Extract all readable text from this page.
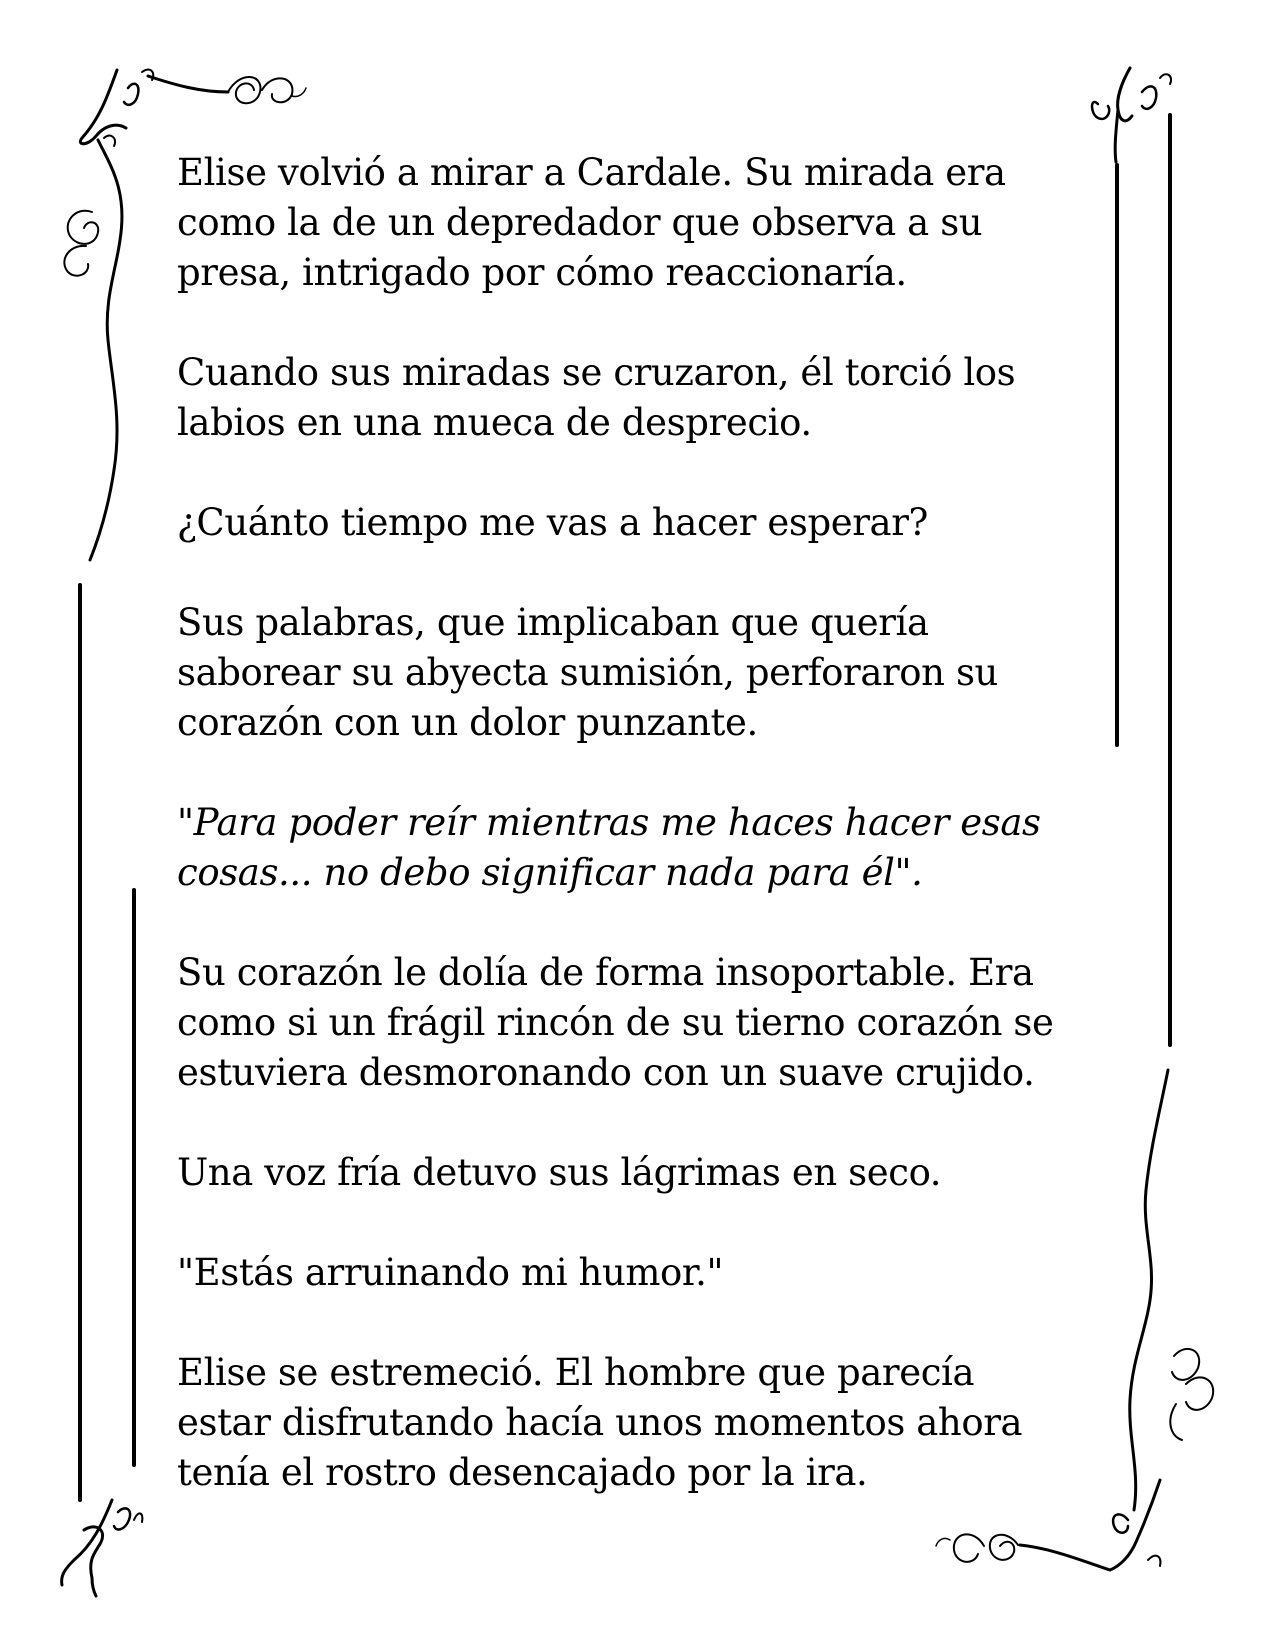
Elise volvió a mirar a Cardale. Su mirada era
como la de un depredador que observa a su
presa, intrigado por cómo reaccionaría.

Cuando sus miradas se cruzaron, él torció los
labios en una mueca de desprecio.

¿Cuánto tiempo me vas a hacer esperar?

Sus palabras, que implicaban que quería
saborear su abyecta sumisión, perforaron su
corazón con un dolor punzante.

"Para poder reír mientras me haces hacer esas
cosas... no debo significar nada para él".

Su corazón le dolía de forma insoportable. Era
como si un frágil rincón de su tierno corazón se
estuviera desmoronando con un suave crujido.

Una voz fría detuvo sus lágrimas en seco.

"Estás arruinando mi humor."

Elise se estremeció. El hombre que parecía
estar disfrutando hacía unos momentos ahora
tenía el rostro desencajado por la ira.
